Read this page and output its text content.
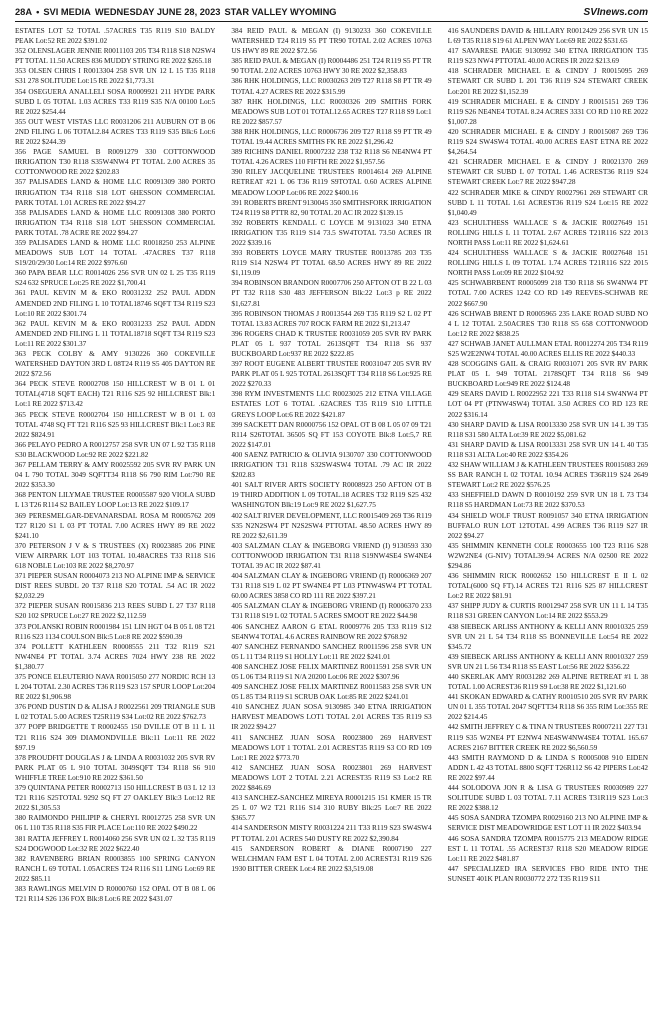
28A • SVI MEDIA WEDNESDAY JUNE 28, 2023 STAR VALLEY WYOMING	SVInews.com

ESTATES LOT 52 TOTAL .57ACRES T35 R119 S10 BALDY PEAK Lot:52 RE 2022 $391.02

352 OLENSLAGER JENNIE R0011103 205 T34 R118 S18 N2SW4 PT TOTAL 11.50 ACRES 836 MUDDY STRING RE 2022 $265.18

353 OLSEN CHRIS I R0013304 258 SVR UN 12 L 15 T35 R118 S31 278 SOLITUDE Lot:15 RE 2022 $1,773.31

354 OSEGUERA ANALLELI SOSA R0009921 211 HYDE PARK SUBD L 05 TOTAL 1.03 ACRES T33 R119 S35 N/A 00100 Lot:5 RE 2022 $254.44

355 OUT WEST VISTAS LLC R0031206 211 AUBURN OT B 06 2ND FILING L 06 TOTAL2.84 ACRES T33 R119 S35 Blk:6 Lot:6 RE 2022 $244.39

356 PAGE SAMUEL B R0091279 330 COTTONWOOD IRRIGATION T30 R118 S35W4NW4 PT TOTAL 2.00 ACRES 35 COTTONWOOD RE 2022 $202.83

357 PALISADES LAND & HOME LLC R0091309 380 PORTO IRRIGATION T34 R118 S18 LOT 6HESSON COMMERCIAL PARK TOTAL 1.01 ACRES RE 2022 $94.27

358 PALISADES LAND & HOME LLC R0091308 380 PORTO IRRIGATION T34 R118 S18 LOT 5HESSON COMMERCIAL PARK TOTAL .78 ACRE RE 2022 $94.27

359 PALISADES LAND & HOME LLC R0018250 253 ALPINE MEADOWS SUB LOT 14 TOTAL .47ACRES T37 R118 S19/20/29/30 Lot:14 RE 2022 $976.60

360 PAPA BEAR LLC R0014026 256 SVR UN 02 L 25 T35 R119 S24 632 SPRUCE Lot:25 RE 2022 $1,700.41

361 PAUL KEVIN M & EKO R0031232 252 PAUL ADDN AMENDED 2ND FILING L 10 TOTAL18746 SQFT T34 R119 S23 Lot:10 RE 2022 $301.74

362 PAUL KEVIN M & EKO R0031233 252 PAUL ADDN AMENDED 2ND FILING L 11 TOTAL18718 SQFT T34 R119 S23 Lot:11 RE 2022 $301.37

363 PECK COLBY & AMY 9130226 360 COKEVILLE WATERSHED DAYTON 3RD L 08T24 R119 S5 405 DAYTON RE 2022 $72.56

364 PECK STEVE R0002708 150 HILLCREST W B 01 L 01 TOTAL(4718 SQFT EACH) T21 R116 S25 92 HILLCREST Blk:1 Lot:1 RE 2022 $713.42

365 PECK STEVE R0002704 150 HILLCREST W B 01 L 03 TOTAL 4748 SQ FT T21 R116 S25 93 HILLCREST Blk:1 Lot:3 RE 2022 $824.91

366 PELAYO PEDRO A R0012757 258 SVR UN 07 L 92 T35 R118 S30 BLACKWOOD Lot:92 RE 2022 $221.82

367 PELLAM TERRY & AMY R0025592 205 SVR RV PARK UN 04 L 790 TOTAL 3049 SQFTT34 R118 S6 790 RIM Lot:790 RE 2022 $353.30

368 PENTON LILYMAE TRUSTEE R0005587 920 VIOLA SUBD L 13 T26 R114 S2 BAILEY LOOP Lot:13 RE 2022 $109.17

369 PERESMELGAR-DEVANARSDAL ROSA M R0005762 209 T27 R120 S1 L 03 PT TOTAL 7.00 ACRES HWY 89 RE 2022 $241.10

370 PETERSON J V & S TRUSTEES (X) R0023885 206 PINE VIEW AIRPARK LOT 103 TOTAL 10.48ACRES T33 R118 S16 618 NOBLE Lot:103 RE 2022 $8,270.97

371 PIEPER SUSAN R0004073 213 NO ALPINE IMP & SERVICE DIST REES SUBDL 20 T37 R118 S20 TOTAL .54 AC IR 2022 $2,032.29

372 PIEPER SUSAN R0015836 213 REES SUBD L 27 T37 R118 S20 102 SPRUCE Lot:27 RE 2022 $2,112.59

373 POLANSKI ROBIN R0001984 151 LIN HGT 04 B 05 L 08 T21 R116 S23 1134 COULSON Blk:5 Lot:8 RE 2022 $590.39

374 POLLETT KATHLEEN R0008555 211 T32 R119 S21 NW4NE4 PT TOTAL 3.74 ACRES 7024 HWY 238 RE 2022 $1,380.77

375 PONCE ELEUTERIO NAVA R0015050 277 NORDIC RCH 13 L 204 TOTAL 2.30 ACRES T36 R119 S23 157 SPUR LOOP Lot:204 RE 2022 $1,906.98

376 POND DUSTIN D & ALISA J R0022561 209 TRIANGLE SUB L 02 TOTAL 5.00 ACRES T25R119 S34 Lot:02 RE 2022 $762.73

377 POPP BRIDGETTE T R0002455 150 DVILLE OT B 11 L 11 T21 R116 S24 309 DIAMONDVILLE Blk:11 Lot:11 RE 2022 $97.19

378 PROUDFIT DOUGLAS J & LINDA A R0031032 205 SVR RV PARK PLAT 05 L 910 TOTAL 3049SQFT T34 R118 S6 910 WHIFFLE TREE Lot:910 RE 2022 $361.50

379 QUINTANA PETER R0002713 150 HILLCREST B 03 L 12 13 T21 R116 S25TOTAL 9292 SQ FT 27 OAKLEY Blk:3 Lot:12 RE 2022 $1,305.53

380 RAIMONDO PHILIPIP & CHERYL R0012725 258 SVR UN 06 L 110 T35 R118 S35 FIR PLACE Lot:110 RE 2022 $490.22

381 RATTA JEFFREY L R0014060 256 SVR UN 02 L 32 T35 R119 S24 DOGWOOD Lot:32 RE 2022 $622.40

382 RAVENBERG BRIAN R0003855 100 SPRING CANYON RANCH L 69 TOTAL 1.05ACRES T24 R116 S11 LING Lot:69 RE 2022 $85.11

383 RAWLINGS MELVIN D R0000760 152 OPAL OT B 08 L 06 T21 R114 S26 136 FOX Blk:8 Lot:6 RE 2022 $431.07

384 REID PAUL & MEGAN (I) 9130233 360 COKEVILLE WATERSHED T24 R119 S5 PT TR90 TOTAL 2.02 ACRES 10763 US HWY 89 RE 2022 $72.56

385 REID PAUL & MEGAN (I) R0004486 251 T24 R119 S5 PT TR 90 TOTAL 2.02 ACRES 10763 HWY 30 RE 2022 $2,358.83

386 RHK HOLDINGS, LLC R0030263 209 T27 R118 S8 PT TR 49 TOTAL 4.27 ACRES RE 2022 $315.99

387 RHK HOLDINGS, LLC R0030326 209 SMITHS FORK MEADOWS SUB LOT 01 TOTAL12.65 ACRES T27 R118 S9 Lot:1 RE 2022 $857.57

388 RHK HOLDINGS, LLC R0006736 209 T27 R118 S9 PT TR 49 TOTAL 19.44 ACRES SMITHS FK RE 2022 $1,296.42

389 RICHINS DANIEL R0007232 238 T32 R118 S6 NE4NW4 PT TOTAL 4.26 ACRES 110 FIFTH RE 2022 $1,957.56

390 RILEY JACQUELINE TRUSTEES R0014614 269 ALPINE RETREAT #21 L 06 T36 R119 S9TOTAL 0.60 ACRES ALPINE MEADOW LOOP Lot:06 RE 2022 $400.16

391 ROBERTS BRENT 9130045 350 SMITHSFORK IRRIGATION T24 R119 S8 PTTR 82, 90 TOTAL 20 AC IR 2022 $139.15

392 ROBERTS KENDALL C LOYCE M 9131023 340 ETNA IRRIGATION T35 R119 S14 73.5 SW4TOTAL 73.50 ACRES IR 2022 $339.16

393 ROBERTS LOYCE MARY TRUSTEE R0013785 203 T35 R119 S14 N2SW4 PT TOTAL 68.50 ACRES HWY 89 RE 2022 $1,119.09

394 ROBINSON BRANDON R0007706 250 AFTON OT B 22 L 03 PT T32 R118 S30 483 JEFFERSON Blk:22 Lot:3 p RE 2022 $1,627.81

395 ROBINSON THOMAS J R0013544 269 T35 R119 S2 L 02 PT TOTAL 13.83 ACRES 707 ROCK FARM RE 2022 $1,213.47

396 ROGERS CHAD K TRUSTEE R0031059 205 SVR RV PARK PLAT 05 L 937 TOTAL 2613SQFT T34 R118 S6 937 BUCKBOARD Lot:937 RE 2022 $222.85

397 ROOT EUGENE ALBERT TRUSTEE R0031047 205 SVR RV PARK PLAT 05 L 925 TOTAL 2613SQFT T34 R118 S6 Lot:925 RE 2022 $270.33

398 RYM INVESTMENTS LLC R0023025 212 ETNA VILLAGE ESTATES LOT 6 TOTAL .62ACRES T35 R119 S10 LITTLE GREYS LOOP Lot:6 RE 2022 $421.87

399 SACKETT DAN R0000756 152 OPAL OT B 08 L 05 07 09 T21 R114 S26TOTAL 36505 SQ FT 153 COYOTE Blk:8 Lot:5,7 RE 2022 $147.01

400 SAENZ PATRICIO & OLIVIA 9130707 330 COTTONWOOD IRRIGATION T31 R118 S32SW4SW4 TOTAL .79 AC IR 2022 $202.83

401 SALT RIVER ARTS SOCIETY R0008923 250 AFTON OT B 19 THIRD ADDITION L 09 TOTAL.18 ACRES T32 R119 S25 432 WASHINGTON Blk:19 Lot:9 RE 2022 $1,627.75

402 SALT RIVER DEVELOPMENT, LLC R0015409 269 T36 R119 S35 N2N2SW4 PT N2S2SW4 PTTOTAL 48.50 ACRES HWY 89 RE 2022 $2,611.39

403 SALZMAN CLAY & INGEBORG VRIEND (I) 9130593 330 COTTONWOOD IRRIGATION T31 R118 S19NW4SE4 SW4NE4 TOTAL 39 AC IR 2022 $87.41

404 SALZMAN CLAY & INGEBORG VRIEND (I) R0006369 207 T31 R118 S19 L 02 PT SW4NE4 PT L03 PTNW4SW4 PT TOTAL 60.00 ACRES 3858 CO RD 111 RE 2022 $397.21

405 SALZMAN CLAY & INGEBORG VRIEND (I) R0006370 233 T31 R118 S19 L 02 TOTAL 5 ACRES SMOOT RE 2022 $44.98

406 SANCHEZ AARON G ETAL R0009776 205 T33 R119 S12 SE4NW4 TOTAL 4.6 ACRES RAINBOW RE 2022 $768.92

407 SANCHEZ FERNANDO SANCHEZ R0011596 258 SVR UN 05 L 11 T34 R119 S1 HOLLY Lot:11 RE 2022 $241.01

408 SANCHEZ JOSE FELIX MARTINEZ R0011591 258 SVR UN 05 L 06 T34 R119 S1 N/A 20200 Lot:06 RE 2022 $307.96

409 SANCHEZ JOSE FELIX MARTINEZ R0011583 258 SVR UN 05 L 85 T34 R119 S1 SCRUB OAK Lot:85 RE 2022 $241.01

410 SANCHEZ JUAN SOSA 9130985 340 ETNA IRRIGATION HARVEST MEADOWS LOT1 TOTAL 2.01 ACRES T35 R119 S3 IR 2022 $94.27

411 SANCHEZ JUAN SOSA R0023800 269 HARVEST MEADOWS LOT 1 TOTAL 2.01 ACREST35 R119 S3 CO RD 109 Lot:1 RE 2022 $773.70

412 SANCHEZ JUAN SOSA R0023801 269 HARVEST MEADOWS LOT 2 TOTAL 2.21 ACREST35 R119 S3 Lot:2 RE 2022 $846.69

413 SANCHEZ-SANCHEZ MIREYA R0001215 151 KMER 15 TR 25 L 07 W2 T21 R116 S14 310 RUBY Blk:25 Lot:7 RE 2022 $365.77

414 SANDERSON MISTY R0031224 211 T33 R119 S23 SW4SW4 PT TOTAL 2.01 ACRES 540 DUSTY RE 2022 $2,390.84

415 SANDERSON ROBERT & DIANE R0007190 227 WELCHMAN FAM EST L 04 TOTAL 2.00 ACREST31 R119 S26 1930 BITTER CREEK Lot:4 RE 2022 $3,519.08

416 SAUNDERS DAVID & HILLARY R0012429 256 SVR UN 15 L 69 T35 R118 S19 61 ALPEN WAY Lot:69 RE 2022 $531.65

417 SAVARESE PAIGE 9130992 340 ETNA IRRIGATION T35 R119 S23 NW4 PTTOTAL 40.00 ACRES IR 2022 $213.69

418 SCHRADER MICHAEL E & CINDY J R0015095 269 STEWART CR SUBD L 201 T36 R119 S24 STEWART CREEK Lot:201 RE 2022 $1,152.39

419 SCHRADER MICHAEL E & CINDY J R0015151 269 T36 R119 S26 NE4NE4 TOTAL 8.24 ACRES 3331 CO RD 110 RE 2022 $1,007.28

420 SCHRADER MICHAEL E & CINDY J R0015087 269 T36 R119 S24 SW4SW4 TOTAL 40.00 ACRES EAST ETNA RE 2022 $4,264.54

421 SCHRADER MICHAEL E & CINDY J R0021370 269 STEWART CR SUBD L 07 TOTAL 1.46 ACREST36 R119 S24 STEWART CREEK Lot:7 RE 2022 $947.28

422 SCHRADER MIKE & CINDY R0027961 269 STEWART CR SUBD L 11 TOTAL 1.61 ACREST36 R119 S24 Lot:15 RE 2022 $1,040.49

423 SCHULTHESS WALLACE S & JACKIE R0027649 151 ROLLING HILLS L 11 TOTAL 2.67 ACRES T21R116 S22 2013 NORTH PASS Lot:11 RE 2022 $1,624.61

424 SCHULTHESS WALLACE S & JACKIE R0027648 151 ROLLING HILLS L 09 TOTAL 1.74 ACRES T21R116 S22 2015 NORTH PASS Lot:09 RE 2022 $104.92

425 SCHWABRBENT R0005099 218 T30 R118 S6 SW4NW4 PT TOTAL 7.00 ACRES 1242 CO RD 149 REEVES-SCHWAB RE 2022 $667.90

426 SCHWAB BRENT D R0005965 235 LAKE ROAD SUBD NO 4 L 12 TOTAL 2.50ACRES T30 R118 S5 658 COTTONWOOD Lot:12 RE 2022 $838.25

427 SCHWAB JANET AULLMAN ETAL R0012274 205 T34 R119 S25 W2E2NW4 TOTAL 40.00 ACRES ELLIS RE 2022 $440.33

428 SCOGGINS GAIL & CRAIG R0031071 205 SVR RV PARK PLAT 05 L 949 TOTAL 2178SQFT T34 R118 S6 949 BUCKBOARD Lot:949 RE 2022 $124.48

429 SEARS DAVID L R0022952 221 T33 R118 S14 SW4NW4 PT LOT 04 PT (PTNW4SW4) TOTAL 3.50 ACRES CO RD 123 RE 2022 $316.14

430 SHARP DAVID & LISA R0013330 258 SVR UN 14 L 39 T35 R118 S31 580 ALTA Lot:39 RE 2022 $5,081.62

431 SHARP DAVID & LISA R0013331 258 SVR UN 14 L 40 T35 R118 S31 ALTA Lot:40 RE 2022 $354.26

432 SHAW WILLIAM J & KATHLEEN TRUSTEES R0015083 269 SS BAR RANCH L 02 TOTAL 10.94 ACRES T36R119 S24 2649 STEWART Lot:2 RE 2022 $576.25

433 SHEFFIELD DAWN D R0010192 259 SVR UN 18 L 73 T34 R118 S5 HARDMAN Lot:73 RE 2022 $370.53

434 SHIELD WOLF TRUST R0091057 340 ETNA IRRIGATION BUFFALO RUN LOT 12TOTAL 4.99 ACRES T36 R119 S27 IR 2022 $94.27

435 SHIMMIN KENNETH COLE R0003655 100 T23 R116 S28 W2W2NE4 (G-NIV) TOTAL39.94 ACRES N/A 02500 RE 2022 $294.86

436 SHIMMIN RICK R0002652 150 HILLCREST E II L 02 TOTAL(6000 SQ FT).14 ACRES T21 R116 S25 87 HILLCREST Lot:2 RE 2022 $81.91

437 SHIPP JUDY & CURTIS R0012947 258 SVR UN 11 L 14 T35 R118 S31 GREEN CANYON Lot:14 RE 2022 $553.29

438 SIEBECK ARLISS ANTHONY & KELLI ANN R0010325 259 SVR UN 21 L 54 T34 R118 S5 BONNEVILLE Lot:54 RE 2022 $345.72

439 SIEBECK ARLISS ANTHONY & KELLI ANN R0010327 259 SVR UN 21 L 56 T34 R118 S5 EAST Lot:56 RE 2022 $356.22

440 SKERLAK AMY R0031282 269 ALPINE RETREAT #1 L 38 TOTAL 1.00 ACREST36 R119 S9 Lot:38 RE 2022 $1,121.60

441 SKOKAN EDWARD & CATHY R0010510 205 SVR RV PARK UN 01 L 355 TOTAL 2047 SQFTT34 R118 S6 355 RIM Lot:355 RE 2022 $214.45

442 SMITH JEFFREY C & TINA N TRUSTEES R0007211 227 T31 R119 S35 W2NE4 PT E2NW4 NE4SW4NW4SE4 TOTAL 165.67 ACRES 2167 BITTER CREEK RE 2022 $6,560.59

443 SMITH RAYMOND D & LINDA S R0005008 910 EIDEN ADDN L 42 43 TOTAL 8800 SQFT T26R112 S6 42 PIPERS Lot:42 RE 2022 $97.44

444 SOLODOVA JON R & LISA G TRUSTEES R0030989 227 SOLITUDE SUBD L 03 TOTAL 7.11 ACRES T31R119 S23 Lot:3 RE 2022 $388.12

445 SOSA SANDRA TZOMPA R0029160 213 NO ALPINE IMP & SERVICE DIST MEADOWRIDGE EST LOT 11 IR 2022 $403.94

446 SOSA SANDRA TZOMPA R0015775 213 MEADOW RIDGE EST L 11 TOTAL .55 ACREST37 R118 S20 MEADOW RIDGE Lot:11 RE 2022 $481.87

447 SPECIALIZED IRA SERVICES FBO RIDE INTO THE SUNSET 401K PLAN R0030772 272 T35 R119 S11
